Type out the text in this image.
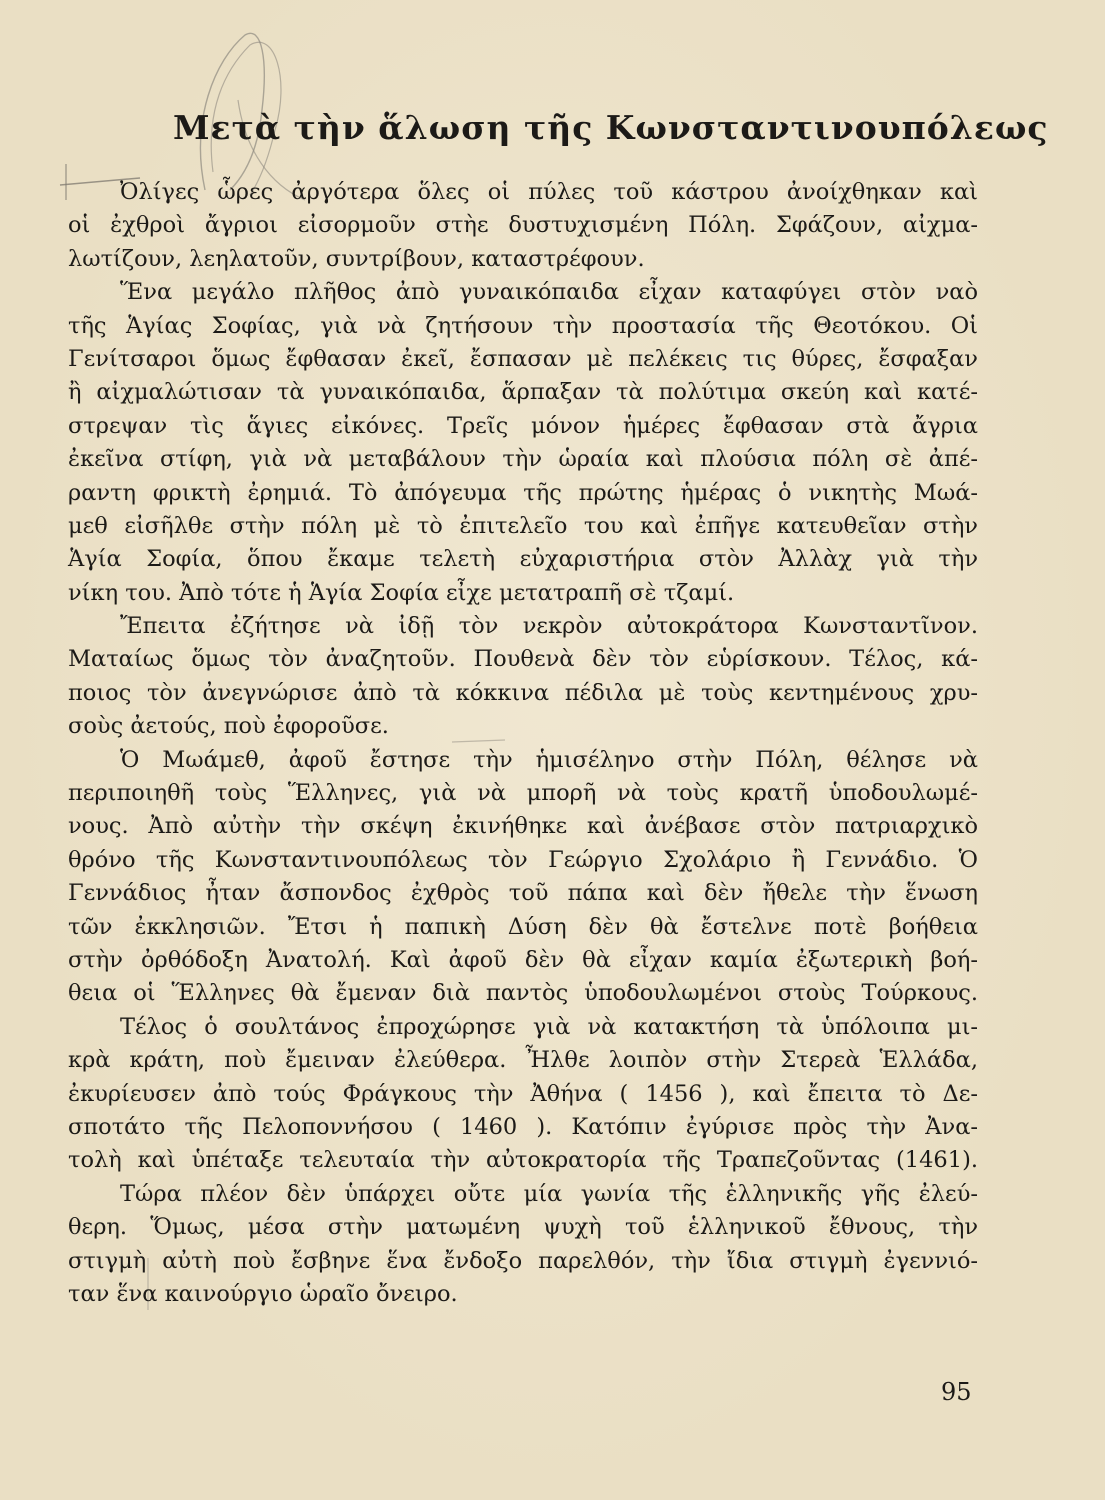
Μετὰ τὴν ἅλωση τῆς Κωνσταντινουπόλεως
Ὀλίγες ὧρες ἀργότερα ὅλες οἱ πύλες τοῦ κάστρου ἀνοίχθηκαν καὶ
οἱ ἐχθροὶ ἄγριοι εἰσορμοῦν στὴε δυστυχισμένη Πόλη. Σφάζουν, αἰχμα-
λωτίζουν, λεηλατοῦν, συντρίβουν, καταστρέφουν.
Ἕνα μεγάλο πλῆθος ἀπὸ γυναικόπαιδα εἶχαν καταφύγει στὸν ναὸ
τῆς Ἁγίας Σοφίας, γιὰ νὰ ζητήσουν τὴν προστασία τῆς Θεοτόκου. Οἱ
Γενίτσαροι ὅμως ἔφθασαν ἐκεῖ, ἔσπασαν μὲ πελέκεις τις θύρες, ἔσφαξαν
ἢ αἰχμαλώτισαν τὰ γυναικόπαιδα, ἅρπαξαν τὰ πολύτιμα σκεύη καὶ κατέ-
στρεψαν τὶς ἅγιες εἰκόνες. Τρεῖς μόνον ἡμέρες ἔφθασαν στὰ ἄγρια
ἐκεῖνα στίφη, γιὰ νὰ μεταβάλουν τὴν ὡραία καὶ πλούσια πόλη σὲ ἀπέ-
ραντη φρικτὴ ἐρημιά. Τὸ ἀπόγευμα τῆς πρώτης ἡμέρας ὁ νικητὴς Μωά-
μεθ εἰσῆλθε στὴν πόλη μὲ τὸ ἐπιτελεῖο του καὶ ἐπῆγε κατευθεῖαν στὴν
Ἁγία Σοφία, ὅπου ἔκαμε τελετὴ εὐχαριστήρια στὸν Ἀλλὰχ γιὰ τὴν
νίκη του. Ἀπὸ τότε ἡ Ἁγία Σοφία εἶχε μετατραπῆ σὲ τζαμί.
Ἔπειτα ἐζήτησε νὰ ἰδῇ τὸν νεκρὸν αὐτοκράτορα Κωνσταντῖνον.
Ματαίως ὅμως τὸν ἀναζητοῦν. Πουθενὰ δὲν τὸν εὑρίσκουν. Τέλος, κά-
ποιος τὸν ἀνεγνώρισε ἀπὸ τὰ κόκκινα πέδιλα μὲ τοὺς κεντημένους χρυ-
σοὺς ἀετούς, ποὺ ἐφοροῦσε.
Ὁ Μωάμεθ, ἀφοῦ ἔστησε τὴν ἡμισέληνο στὴν Πόλη, θέλησε νὰ
περιποιηθῆ τοὺς Ἕλληνες, γιὰ νὰ μπορῆ νὰ τοὺς κρατῆ ὑποδουλωμέ-
νους. Ἀπὸ αὐτὴν τὴν σκέψη ἐκινήθηκε καὶ ἀνέβασε στὸν πατριαρχικὸ
θρόνο τῆς Κωνσταντινουπόλεως τὸν Γεώργιο Σχολάριο ἢ Γεννάδιο. Ὁ
Γεννάδιος ἦταν ἄσπονδος ἐχθρὸς τοῦ πάπα καὶ δὲν ἤθελε τὴν ἕνωση
τῶν ἐκκλησιῶν. Ἔτσι ἡ παπικὴ Δύση δὲν θὰ ἔστελνε ποτὲ βοήθεια
στὴν ὀρθόδοξη Ἀνατολή. Καὶ ἀφοῦ δὲν θὰ εἶχαν καμία ἐξωτερικὴ βοή-
θεια οἱ Ἕλληνες θὰ ἔμεναν διὰ παντὸς ὑποδουλωμένοι στοὺς Τούρκους.
Τέλος ὁ σουλτάνος ἐπροχώρησε γιὰ νὰ κατακτήση τὰ ὑπόλοιπα μι-
κρὰ κράτη, ποὺ ἔμειναν ἐλεύθερα. Ἦλθε λοιπὸν στὴν Στερεὰ Ἑλλάδα,
ἐκυρίευσεν ἀπὸ τούς Φράγκους τὴν Ἀθήνα ( 1456 ), καὶ ἔπειτα τὸ Δε-
σποτάτο τῆς Πελοποννήσου ( 1460 ). Κατόπιν ἐγύρισε πρὸς τὴν Ἀνα-
τολὴ καὶ ὑπέταξε τελευταία τὴν αὐτοκρατορία τῆς Τραπεζοῦντας (1461).
Τώρα πλέον δὲν ὑπάρχει οὔτε μία γωνία τῆς ἑλληνικῆς γῆς ἐλεύ-
θερη. Ὅμως, μέσα στὴν ματωμένη ψυχὴ τοῦ ἑλληνικοῦ ἔθνους, τὴν
στιγμὴ αὐτὴ ποὺ ἔσβηνε ἕνα ἔνδοξο παρελθόν, τὴν ἴδια στιγμὴ ἐγεννιό-
ταν ἕνα καινούργιο ὡραῖο ὄνειρο.

95
